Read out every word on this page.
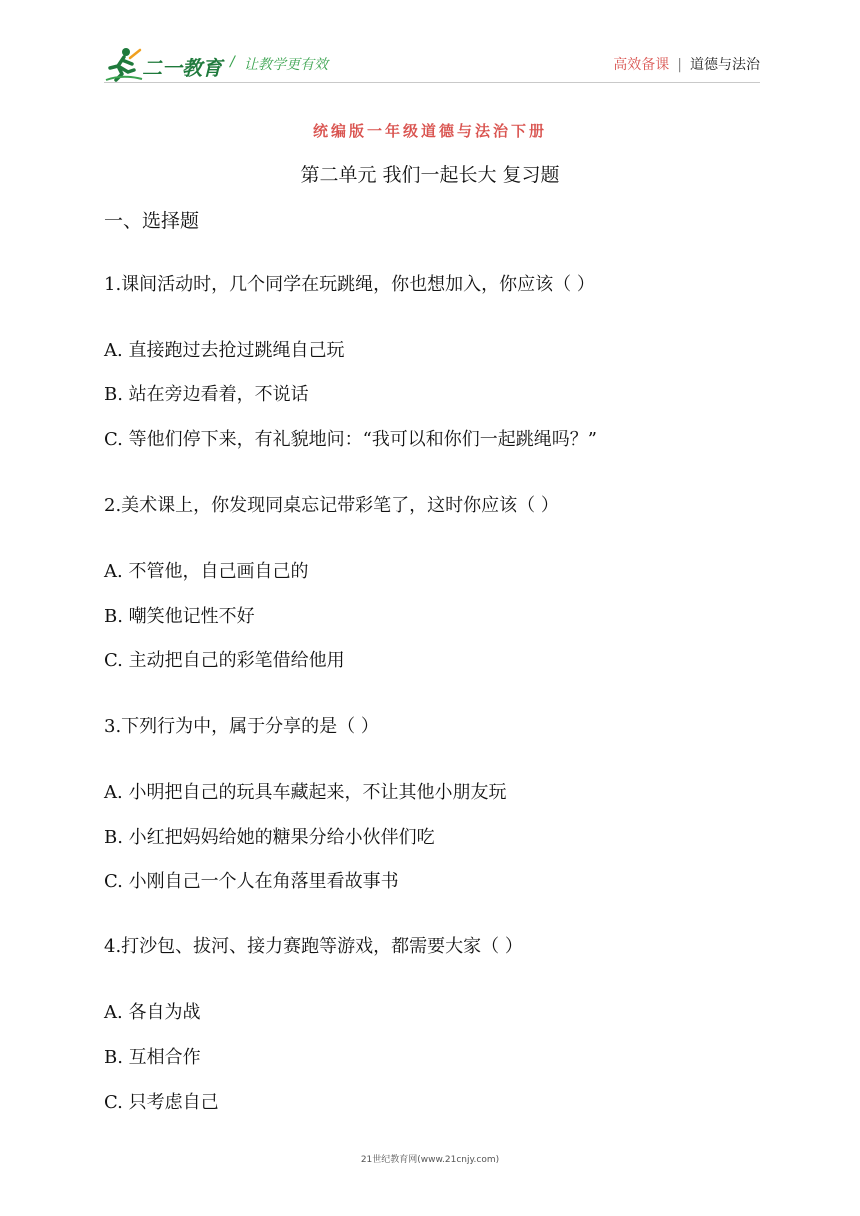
二一教育 / 让教学更有效	高效备课 | 道德与法治
统编版一年级道德与法治下册
第二单元 我们一起长大 复习题
一、选择题
1.课间活动时，几个同学在玩跳绳，你也想加入，你应该（ ）
A. 直接跑过去抢过跳绳自己玩
B. 站在旁边看着，不说话
C. 等他们停下来，有礼貌地问：“我可以和你们一起跳绳吗？”
2.美术课上，你发现同桌忘记带彩笔了，这时你应该（ ）
A. 不管他，自己画自己的
B. 嘲笑他记性不好
C. 主动把自己的彩笔借给他用
3.下列行为中，属于分享的是（ ）
A. 小明把自己的玩具车藏起来，不让其他小朋友玩
B. 小红把妈妈给她的糖果分给小伙伴们吃
C. 小刚自己一个人在角落里看故事书
4.打沙包、拔河、接力赛跑等游戏，都需要大家（ ）
A. 各自为战
B. 互相合作
C. 只考虑自己
21世纪教育网(www.21cnjy.com)
